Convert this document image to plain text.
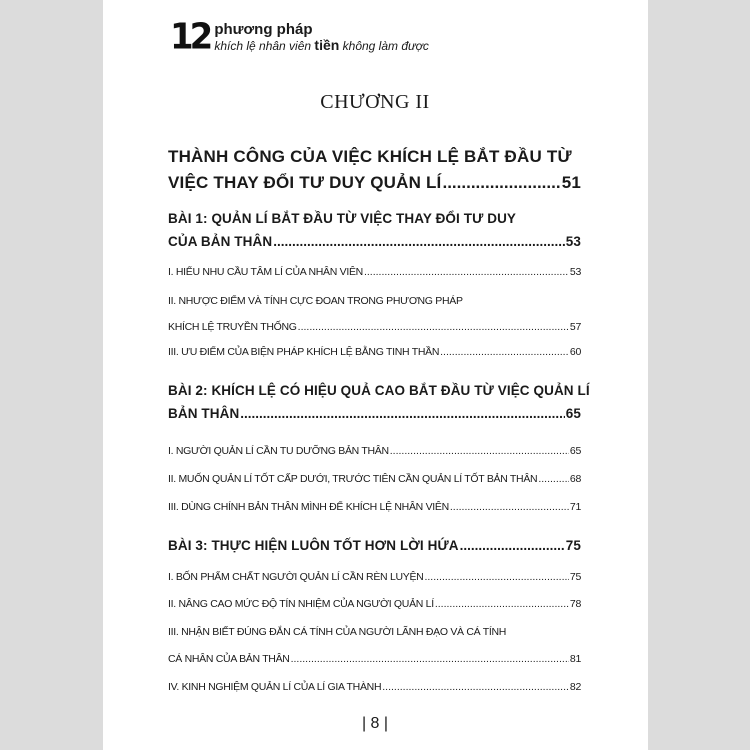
12 phương pháp
khích lệ nhân viên tiền không làm được
CHƯƠNG II
THÀNH CÔNG CỦA VIỆC KHÍCH LỆ BẮT ĐẦU TỪ
VIỆC THAY ĐỔI TƯ DUY QUẢN LÍ .....	51
BÀI 1: QUẢN LÍ BẮT ĐẦU TỪ VIỆC THAY ĐỔI TƯ DUY
CỦA BẢN THÂN .....	53
I. HIỂU NHU CẦU TÂM LÍ CỦA NHÂN VIÊN .....	53
II. NHƯỢC ĐIỂM VÀ TÍNH CỰC ĐOAN TRONG PHƯƠNG PHÁP
KHÍCH LỆ TRUYỀN THỐNG .....	57
III. ƯU ĐIỂM CỦA BIỆN PHÁP KHÍCH LỆ BẰNG TINH THẦN .....	60
BÀI 2: KHÍCH LỆ CÓ HIỆU QUẢ CAO BẮT ĐẦU TỪ VIỆC QUẢN LÍ
BẢN THÂN .....	65
I. NGƯỜI QUẢN LÍ CẦN TU DƯỠNG BẢN THÂN .....	65
II. MUỐN QUẢN LÍ TỐT CẤP DƯỚI, TRƯỚC TIÊN CẦN QUẢN LÍ TỐT BẢN THÂN .....	68
III. DÙNG CHÍNH BẢN THÂN MÌNH ĐỂ KHÍCH LỆ NHÂN VIÊN .....	71
BÀI 3: THỰC HIỆN LUÔN TỐT HƠN LỜI HỨA .....	75
I. BỐN PHẨM CHẤT NGƯỜI QUẢN LÍ CẦN RÈN LUYỆN .....	75
II. NÂNG CAO MỨC ĐỘ TÍN NHIỆM CỦA NGƯỜI QUẢN LÍ .....	78
III. NHẬN BIẾT ĐÚNG ĐẮN CÁ TÍNH CỦA NGƯỜI LÃNH ĐẠO VÀ CÁ TÍNH
CÁ NHÂN CỦA BẢN THÂN .....	81
IV. KINH NGHIỆM QUẢN LÍ CỦA LÍ GIA THÀNH .....	82
| 8 |
